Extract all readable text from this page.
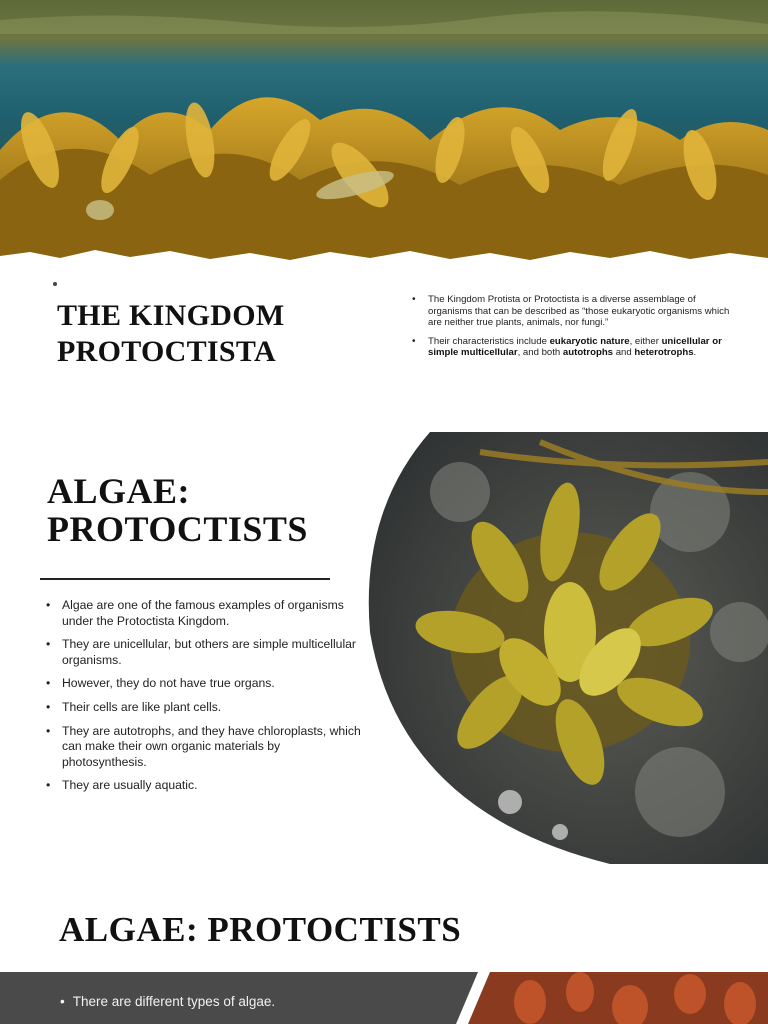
THE KINGDOM PROTOCTISTA
• The Kingdom Protista or Protoctista is a diverse assemblage of organisms that can be described as “those eukaryotic organisms which are neither true plants, animals, nor fungi.”
• Their characteristics include eukaryotic nature, either unicellular or simple multicellular, and both autotrophs and heterotrophs.
ALGAE: PROTOCTISTS
• Algae are one of the famous examples of organisms under the Protoctista Kingdom.
• They are unicellular, but others are simple multicellular organisms.
• However, they do not have true organs.
• Their cells are like plant cells.
• They are autotrophs, and they have chloroplasts, which can make their own organic materials by photosynthesis.
• They are usually aquatic.
ALGAE: PROTOCTISTS
• There are different types of algae.
